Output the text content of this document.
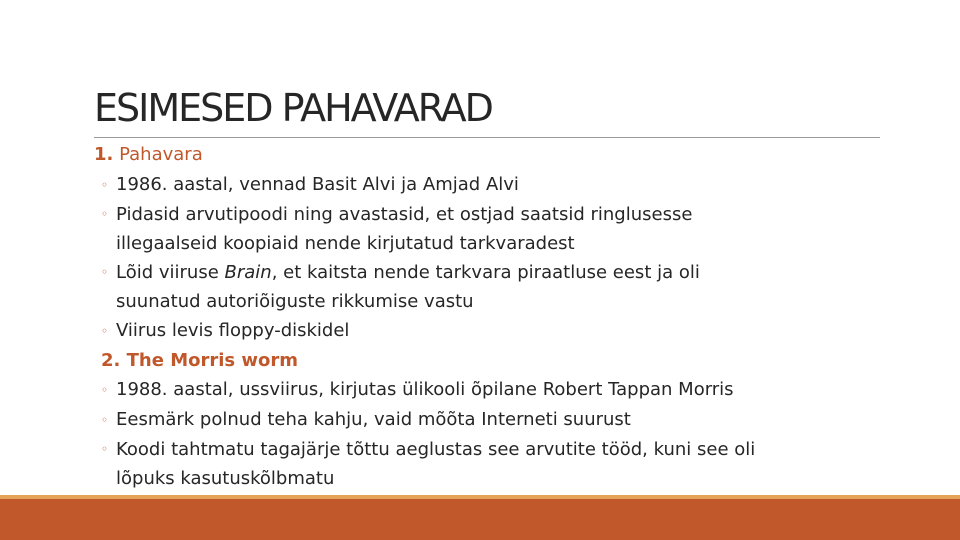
ESIMESED PAHAVARAD
1. Pahavara
◦ 1986. aastal, vennad Basit Alvi ja Amjad Alvi
◦ Pidasid arvutipoodi ning avastasid, et ostjad saatsid ringlusesse
illegaalseid koopiaid nende kirjutatud tarkvaradest
◦ Lõid viiruse Brain, et kaitsta nende tarkvara piraatluse eest ja oli
suunatud autoriõiguste rikkumise vastu
◦ Viirus levis floppy-diskidel
2. The Morris worm
◦ 1988. aastal, ussviirus, kirjutas ülikooli õpilane Robert Tappan Morris
◦ Eesmärk polnud teha kahju, vaid mõõta Interneti suurust
◦ Koodi tahtmatu tagajärje tõttu aeglustas see arvutite tööd, kuni see oli
lõpuks kasutuskõlbmatu
